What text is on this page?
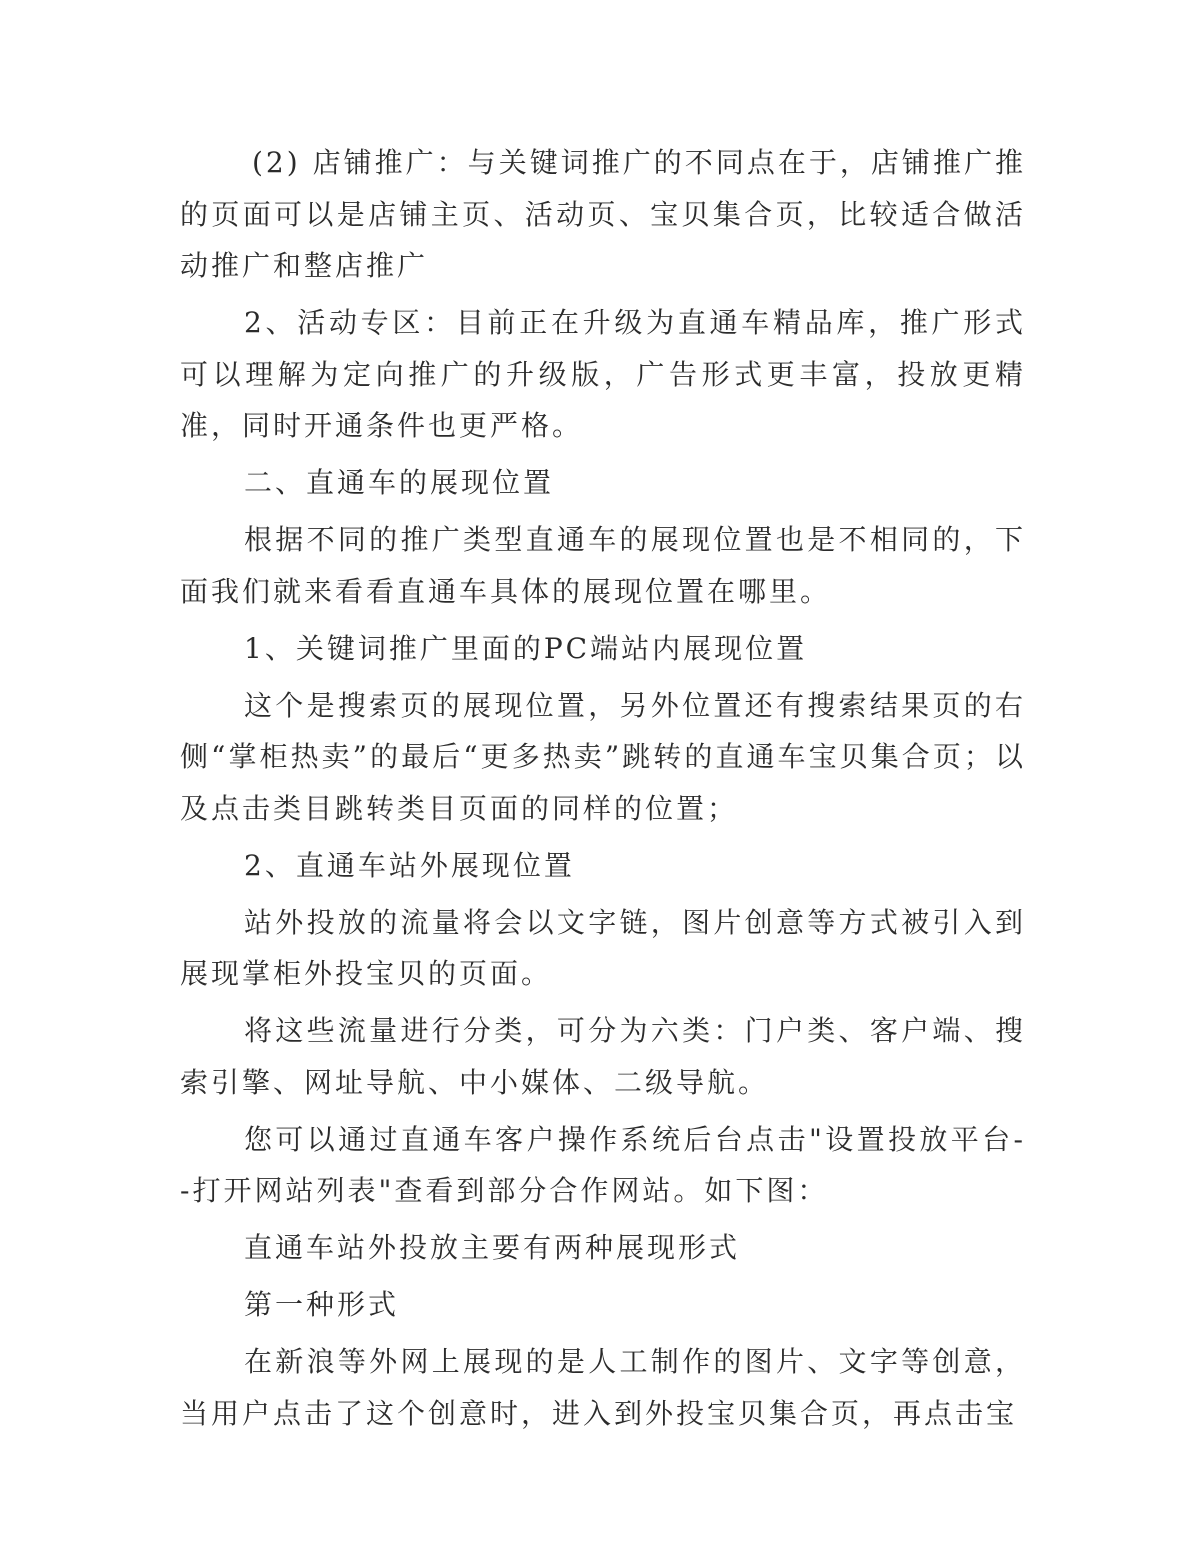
(2) 店铺推广：与关键词推广的不同点在于，店铺推广推的页面可以是店铺主页、活动页、宝贝集合页，比较适合做活动推广和整店推广

2、活动专区：目前正在升级为直通车精品库，推广形式可以理解为定向推广的升级版，广告形式更丰富，投放更精准，同时开通条件也更严格。

二、直通车的展现位置

根据不同的推广类型直通车的展现位置也是不相同的，下面我们就来看看直通车具体的展现位置在哪里。

1、关键词推广里面的PC端站内展现位置

这个是搜索页的展现位置，另外位置还有搜索结果页的右侧“掌柜热卖”的最后“更多热卖”跳转的直通车宝贝集合页；以及点击类目跳转类目页面的同样的位置；

2、直通车站外展现位置

站外投放的流量将会以文字链，图片创意等方式被引入到展现掌柜外投宝贝的页面。

将这些流量进行分类，可分为六类：门户类、客户端、搜索引擎、网址导航、中小媒体、二级导航。

您可以通过直通车客户操作系统后台点击"设置投放平台--打开网站列表"查看到部分合作网站。如下图：

直通车站外投放主要有两种展现形式

第一种形式

在新浪等外网上展现的是人工制作的图片、文字等创意，当用户点击了这个创意时，进入到外投宝贝集合页，再点击宝
